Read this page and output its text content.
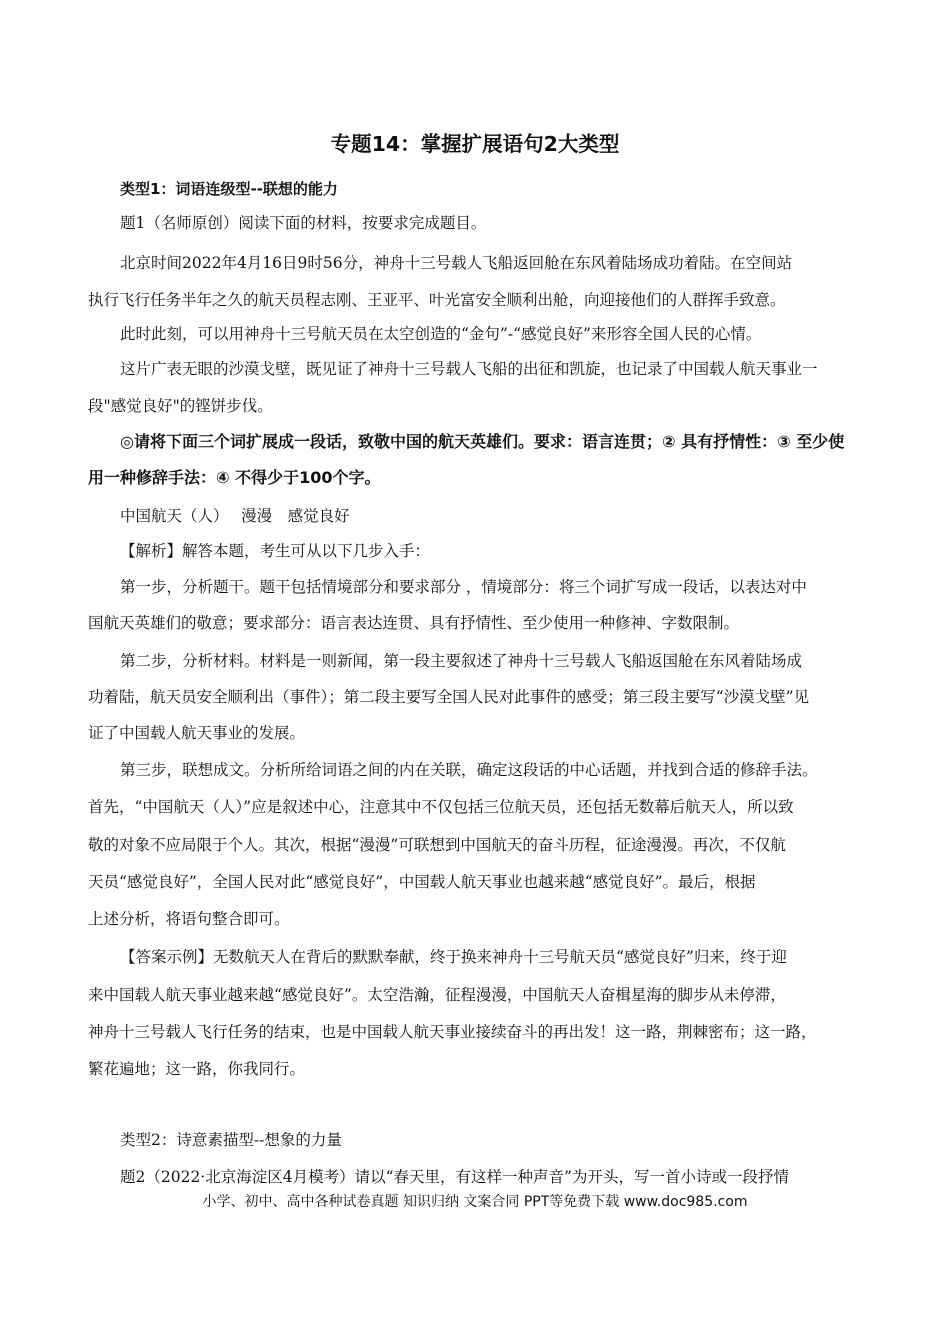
专题14：掌握扩展语句2大类型
类型1：词语连级型--联想的能力
题1（名师原创）阅读下面的材料，按要求完成题目。
北京时间2022年4月16日9时56分，神舟十三号载人飞船返回舱在东风着陆场成功着陆。在空间站
执行飞行任务半年之久的航天员程志刚、王亚平、叶光富安全顺利出舱，向迎接他们的人群挥手致意。
此时此刻，可以用神舟十三号航天员在太空创造的“金句”-“感觉良好”来形容全国人民的心情。
这片广表无眼的沙漠戈壁，既见证了神舟十三号载人飞船的出征和凯旋，也记录了中国载人航天事业一
段"感觉良好"的铿饼步伐。
◎请将下面三个词扩展成一段话，致敬中国的航天英雄们。要求：语言连贯；② 具有抒情性：③ 至少使
用一种修辞手法：④ 不得少于100个字。
中国航天（人）　 漫漫　感觉良好
【解析】解答本题，考生可从以下几步入手：
第一步，分析题干。题干包括情境部分和要求部分 ，情境部分：将三个词扩写成一段话，以表达对中
国航天英雄们的敬意；要求部分：语言表达连贯、具有抒情性、至少使用一种修神、字数限制。
第二步，分析材料。材料是一则新闻，第一段主要叙述了神舟十三号载人飞船返国舱在东风着陆场成
功着陆，航天员安全顺利出（事件）；第二段主要写全国人民对此事件的感受；第三段主要写“沙漠戈壁”见
证了中国载人航天事业的发展。
第三步，联想成文。分析所给词语之间的内在关联，确定这段话的中心话题，并找到合适的修辞手法。
首先，“中国航天（人）”应是叙述中心，注意其中不仅包括三位航天员，还包括无数幕后航天人，所以致
敬的对象不应局限于个人。其次，根据“漫漫”可联想到中国航天的奋斗历程，征途漫漫。再次，不仅航
天员“感觉良好”，全国人民对此“感觉良好”，中国载人航天事业也越来越“感觉良好”。最后，根据
上述分析，将语句整合即可。
【答案示例】无数航天人在背后的默默奉献，终于换来神舟十三号航天员“感觉良好”归来，终于迎
来中国载人航天事业越来越“感觉良好”。太空浩瀚，征程漫漫，中国航天人奋楫星海的脚步从未停滞，
神舟十三号载人飞行任务的结束，也是中国载人航天事业接续奋斗的再出发！这一路，荆棘密布；这一路，
繁花遍地；这一路，你我同行。
类型2：诗意素描型--想象的力量
题2（2022·北京海淀区4月模考）请以“春天里，有这样一种声音”为开头，写一首小诗或一段抒情
小学、初中、高中各种试卷真题 知识归纳 文案合同 PPT等免费下载 www.doc985.com
